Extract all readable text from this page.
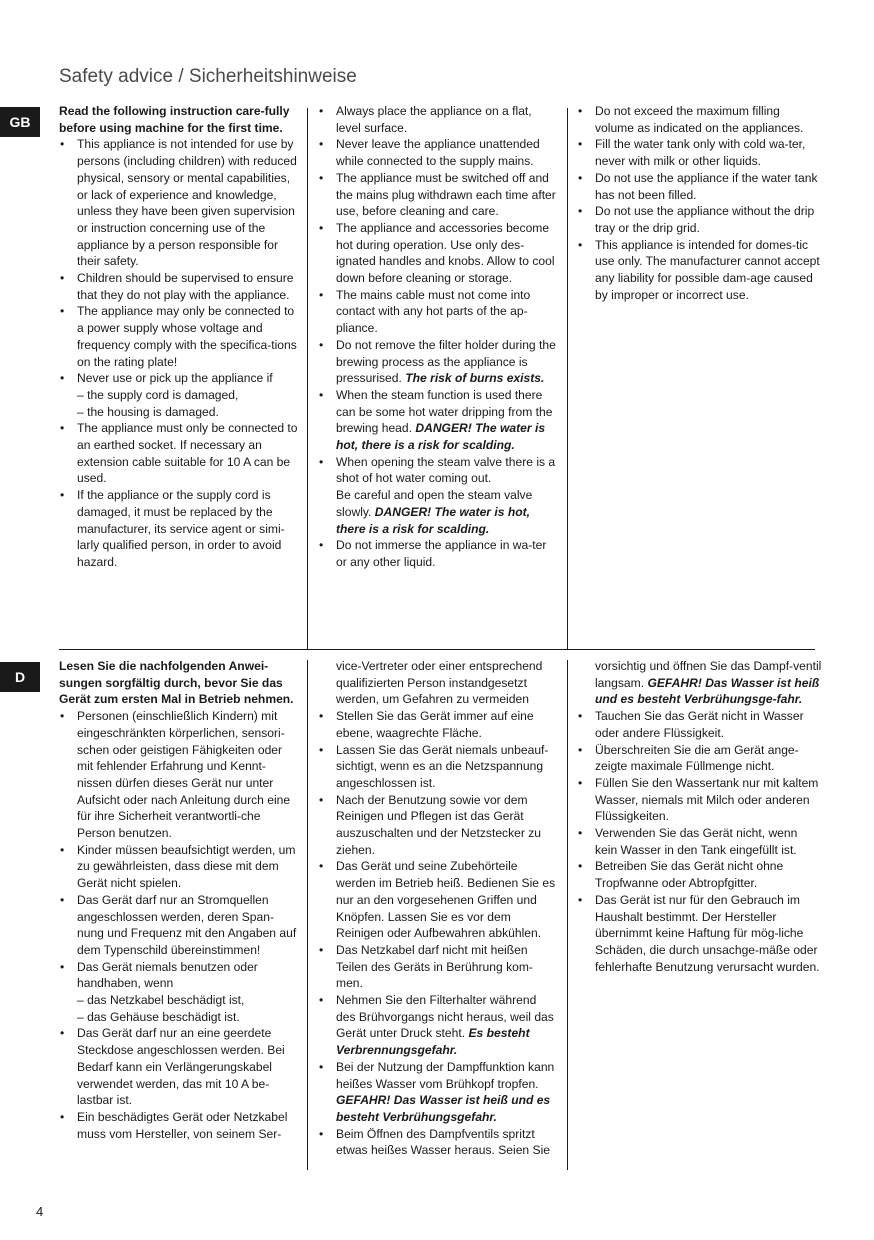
Safety advice / Sicherheitshinweise
GB

Read the following instruction care-fully before using machine for the first time.

• This appliance is not intended for use by persons (including children) with reduced physical, sensory or mental capabilities, or lack of experience and knowledge, unless they have been given supervision or instruction concerning use of the appliance by a person responsible for their safety.
• Children should be supervised to ensure that they do not play with the appliance.
• The appliance may only be connected to a power supply whose voltage and frequency comply with the specifica-tions on the rating plate!
• Never use or pick up the appliance if
– the supply cord is damaged,
– the housing is damaged.
• The appliance must only be connected to an earthed socket. If necessary an extension cable suitable for 10 A can be used.
• If the appliance or the supply cord is damaged, it must be replaced by the manufacturer, its service agent or simi-larly qualified person, in order to avoid hazard.
• Always place the appliance on a flat, level surface.
• Never leave the appliance unattended while connected to the supply mains.
• The appliance must be switched off and the mains plug withdrawn each time after use, before cleaning and care.
• The appliance and accessories become hot during operation. Use only des-ignated handles and knobs. Allow to cool down before cleaning or storage.
• The mains cable must not come into contact with any hot parts of the ap-pliance.
• Do not remove the filter holder during the brewing process as the appliance is pressurised. The risk of burns exists.
• When the steam function is used there can be some hot water dripping from the brewing head. DANGER! The water is hot, there is a risk for scalding.
• When opening the steam valve there is a shot of hot water coming out.
Be careful and open the steam valve slowly. DANGER! The water is hot, there is a risk for scalding.
• Do not immerse the appliance in wa-ter or any other liquid.
• Do not exceed the maximum filling volume as indicated on the appliances.
• Fill the water tank only with cold wa-ter, never with milk or other liquids.
• Do not use the appliance if the water tank has not been filled.
• Do not use the appliance without the drip tray or the drip grid.
• This appliance is intended for domes-tic use only. The manufacturer cannot accept any liability for possible dam-age caused by improper or incorrect use.
D

Lesen Sie die nachfolgenden Anwei-sungen sorgfältig durch, bevor Sie das Gerät zum ersten Mal in Betrieb nehmen.

• Personen (einschließlich Kindern) mit eingeschränkten körperlichen, sensori-schen oder geistigen Fähigkeiten oder mit fehlender Erfahrung und Kennt-nissen dürfen dieses Gerät nur unter Aufsicht oder nach Anleitung durch eine für ihre Sicherheit verantwortli-che Person benutzen.
• Kinder müssen beaufsichtigt werden, um zu gewährleisten, dass diese mit dem Gerät nicht spielen.
• Das Gerät darf nur an Stromquellen angeschlossen werden, deren Span-nung und Frequenz mit den Angaben auf dem Typenschild übereinstimmen!
• Das Gerät niemals benutzen oder handhaben, wenn
– das Netzkabel beschädigt ist,
– das Gehäuse beschädigt ist.
• Das Gerät darf nur an eine geerdete Steckdose angeschlossen werden. Bei Bedarf kann ein Verlängerungskabel verwendet werden, das mit 10 A be-lastbar ist.
• Ein beschädigtes Gerät oder Netzkabel muss vom Hersteller, von seinem Ser-

vice-Vertreter oder einer entsprechend qualifizierten Person instandgesetzt werden, um Gefahren zu vermeiden

• Stellen Sie das Gerät immer auf eine ebene, waagrechte Fläche.
• Lassen Sie das Gerät niemals unbeauf-sichtigt, wenn es an die Netzspannung angeschlossen ist.
• Nach der Benutzung sowie vor dem Reinigen und Pflegen ist das Gerät auszuschalten und der Netzstecker zu ziehen.
• Das Gerät und seine Zubehörteile werden im Betrieb heiß. Bedienen Sie es nur an den vorgesehenen Griffen und Knöpfen. Lassen Sie es vor dem Reinigen oder Aufbewahren abkühlen.
• Das Netzkabel darf nicht mit heißen Teilen des Geräts in Berührung kom-men.
• Nehmen Sie den Filterhalter während des Brühvorgangs nicht heraus, weil das Gerät unter Druck steht. Es besteht Verbrennungsgefahr.
• Bei der Nutzung der Dampffunktion kann heißes Wasser vom Brühkopf tropfen. GEFAHR! Das Wasser ist heiß und es besteht Verbrühungsgefahr.
• Beim Öffnen des Dampfventils spritzt etwas heißes Wasser heraus. Seien Sie

vorsichtig und öffnen Sie das Dampf-ventil langsam. GEFAHR! Das Wasser ist heiß und es besteht Verbrühungsge-fahr.

• Tauchen Sie das Gerät nicht in Wasser oder andere Flüssigkeit.
• Überschreiten Sie die am Gerät ange-zeigte maximale Füllmenge nicht.
• Füllen Sie den Wassertank nur mit kaltem Wasser, niemals mit Milch oder anderen Flüssigkeiten.
• Verwenden Sie das Gerät nicht, wenn kein Wasser in den Tank eingefüllt ist.
• Betreiben Sie das Gerät nicht ohne Tropfwanne oder Abtropfgitter.
• Das Gerät ist nur für den Gebrauch im Haushalt bestimmt. Der Hersteller übernimmt keine Haftung für mög-liche Schäden, die durch unsachge-mäße oder fehlerhafte Benutzung verursacht wurden.
4
